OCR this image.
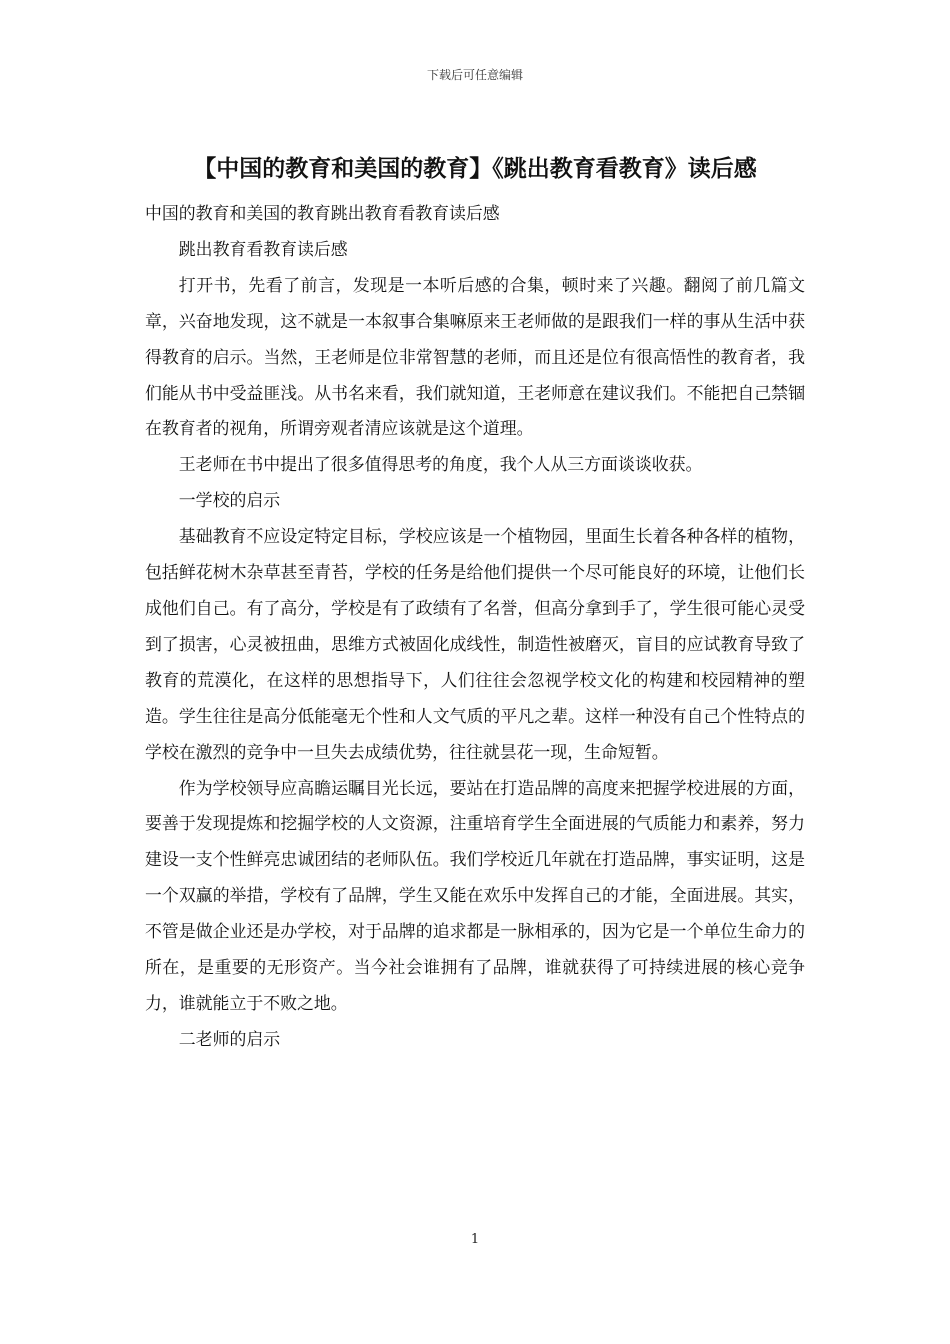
下载后可任意编辑
【中国的教育和美国的教育】《跳出教育看教育》读后感

中国的教育和美国的教育跳出教育看教育读后感

跳出教育看教育读后感

打开书，先看了前言，发现是一本听后感的合集，顿时来了兴趣。翻阅了前几篇文章，兴奋地发现，这不就是一本叙事合集嘛原来王老师做的是跟我们一样的事从生活中获得教育的启示。当然，王老师是位非常智慧的老师，而且还是位有很高悟性的教育者，我们能从书中受益匪浅。从书名来看，我们就知道，王老师意在建议我们。不能把自己禁锢在教育者的视角，所谓旁观者清应该就是这个道理。

王老师在书中提出了很多值得思考的角度，我个人从三方面谈谈收获。

一学校的启示

基础教育不应设定特定目标，学校应该是一个植物园，里面生长着各种各样的植物，包括鲜花树木杂草甚至青苔，学校的任务是给他们提供一个尽可能良好的环境，让他们长成他们自己。有了高分，学校是有了政绩有了名誉，但高分拿到手了，学生很可能心灵受到了损害，心灵被扭曲，思维方式被固化成线性，制造性被磨灭，盲目的应试教育导致了教育的荒漠化，在这样的思想指导下，人们往往会忽视学校文化的构建和校园精神的塑造。学生往往是高分低能毫无个性和人文气质的平凡之辈。这样一种没有自己个性特点的学校在激烈的竞争中一旦失去成绩优势，往往就昙花一现，生命短暂。

作为学校领导应高瞻运瞩目光长远，要站在打造品牌的高度来把握学校进展的方面，要善于发现提炼和挖掘学校的人文资源，注重培育学生全面进展的气质能力和素养，努力建设一支个性鲜亮忠诚团结的老师队伍。我们学校近几年就在打造品牌，事实证明，这是一个双赢的举措，学校有了品牌，学生又能在欢乐中发挥自己的才能，全面进展。其实，不管是做企业还是办学校，对于品牌的追求都是一脉相承的，因为它是一个单位生命力的所在，是重要的无形资产。当今社会谁拥有了品牌，谁就获得了可持续进展的核心竞争力，谁就能立于不败之地。

二老师的启示

1
